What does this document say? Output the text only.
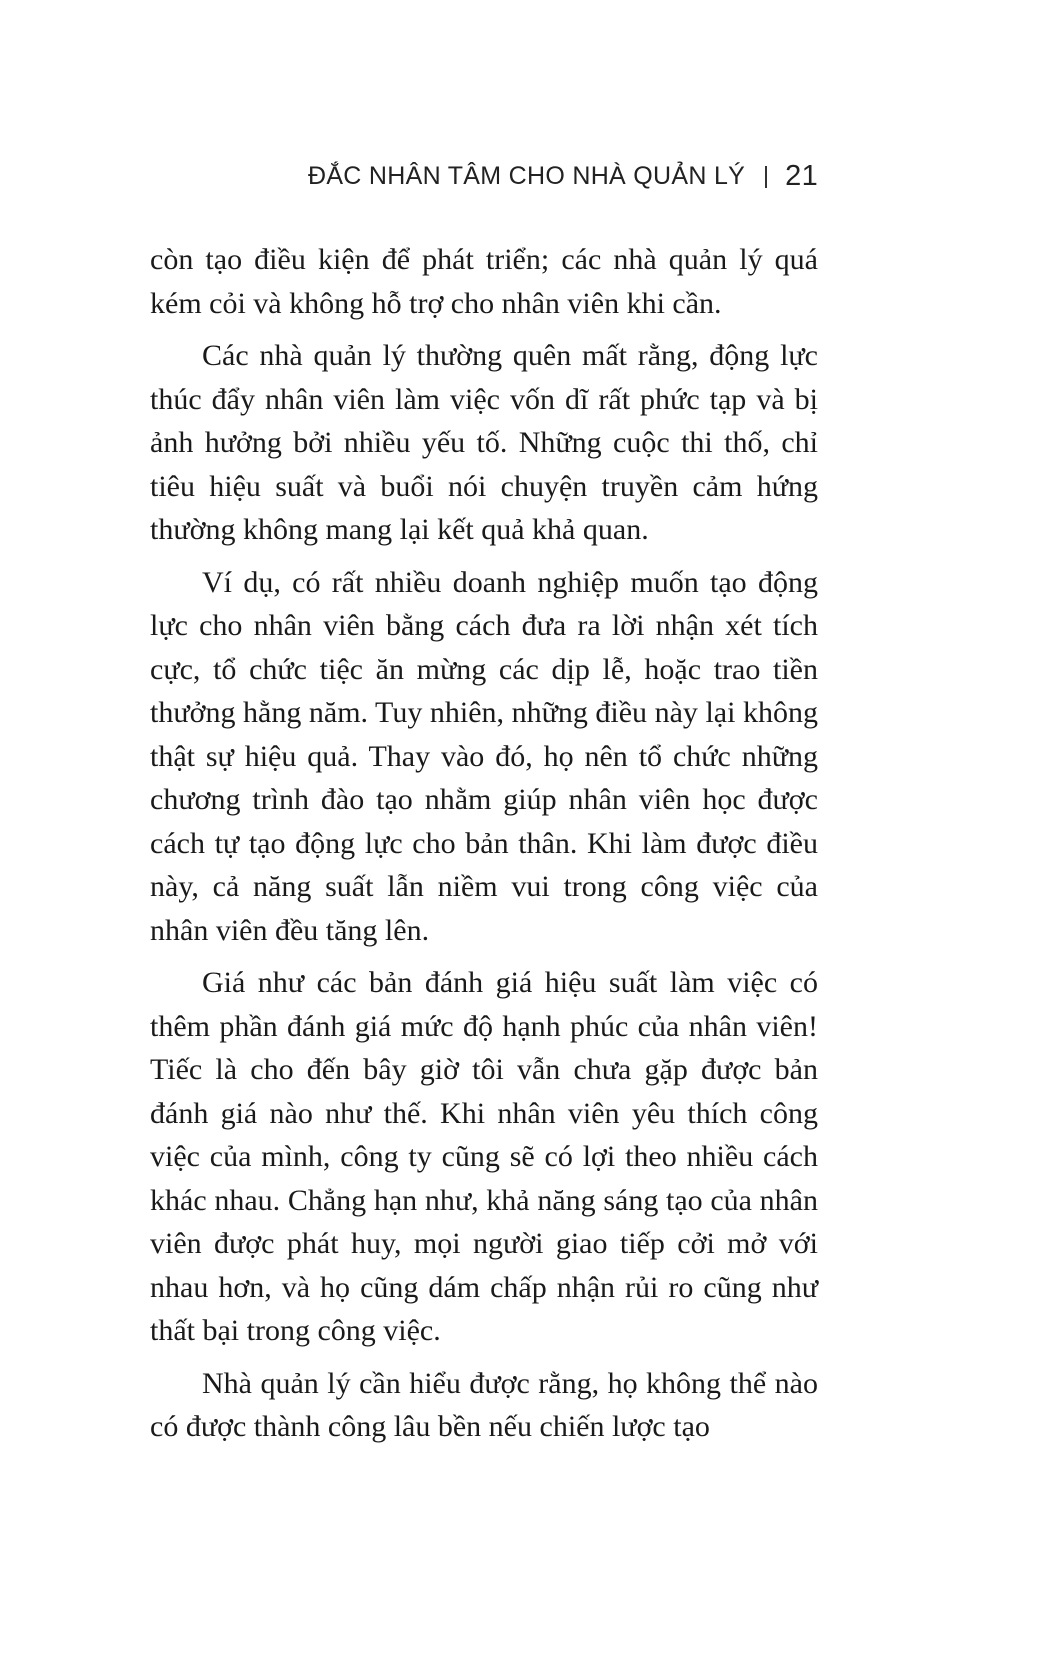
ĐẮC NHÂN TÂM CHO NHÀ QUẢN LÝ 21

còn tạo điều kiện để phát triển; các nhà quản lý quá kém cỏi và không hỗ trợ cho nhân viên khi cần.

Các nhà quản lý thường quên mất rằng, động lực thúc đẩy nhân viên làm việc vốn dĩ rất phức tạp và bị ảnh hưởng bởi nhiều yếu tố. Những cuộc thi thố, chỉ tiêu hiệu suất và buổi nói chuyện truyền cảm hứng thường không mang lại kết quả khả quan.

Ví dụ, có rất nhiều doanh nghiệp muốn tạo động lực cho nhân viên bằng cách đưa ra lời nhận xét tích cực, tổ chức tiệc ăn mừng các dịp lễ, hoặc trao tiền thưởng hằng năm. Tuy nhiên, những điều này lại không thật sự hiệu quả. Thay vào đó, họ nên tổ chức những chương trình đào tạo nhằm giúp nhân viên học được cách tự tạo động lực cho bản thân. Khi làm được điều này, cả năng suất lẫn niềm vui trong công việc của nhân viên đều tăng lên.

Giá như các bản đánh giá hiệu suất làm việc có thêm phần đánh giá mức độ hạnh phúc của nhân viên! Tiếc là cho đến bây giờ tôi vẫn chưa gặp được bản đánh giá nào như thế. Khi nhân viên yêu thích công việc của mình, công ty cũng sẽ có lợi theo nhiều cách khác nhau. Chẳng hạn như, khả năng sáng tạo của nhân viên được phát huy, mọi người giao tiếp cởi mở với nhau hơn, và họ cũng dám chấp nhận rủi ro cũng như thất bại trong công việc.

Nhà quản lý cần hiểu được rằng, họ không thể nào có được thành công lâu bền nếu chiến lược tạo
